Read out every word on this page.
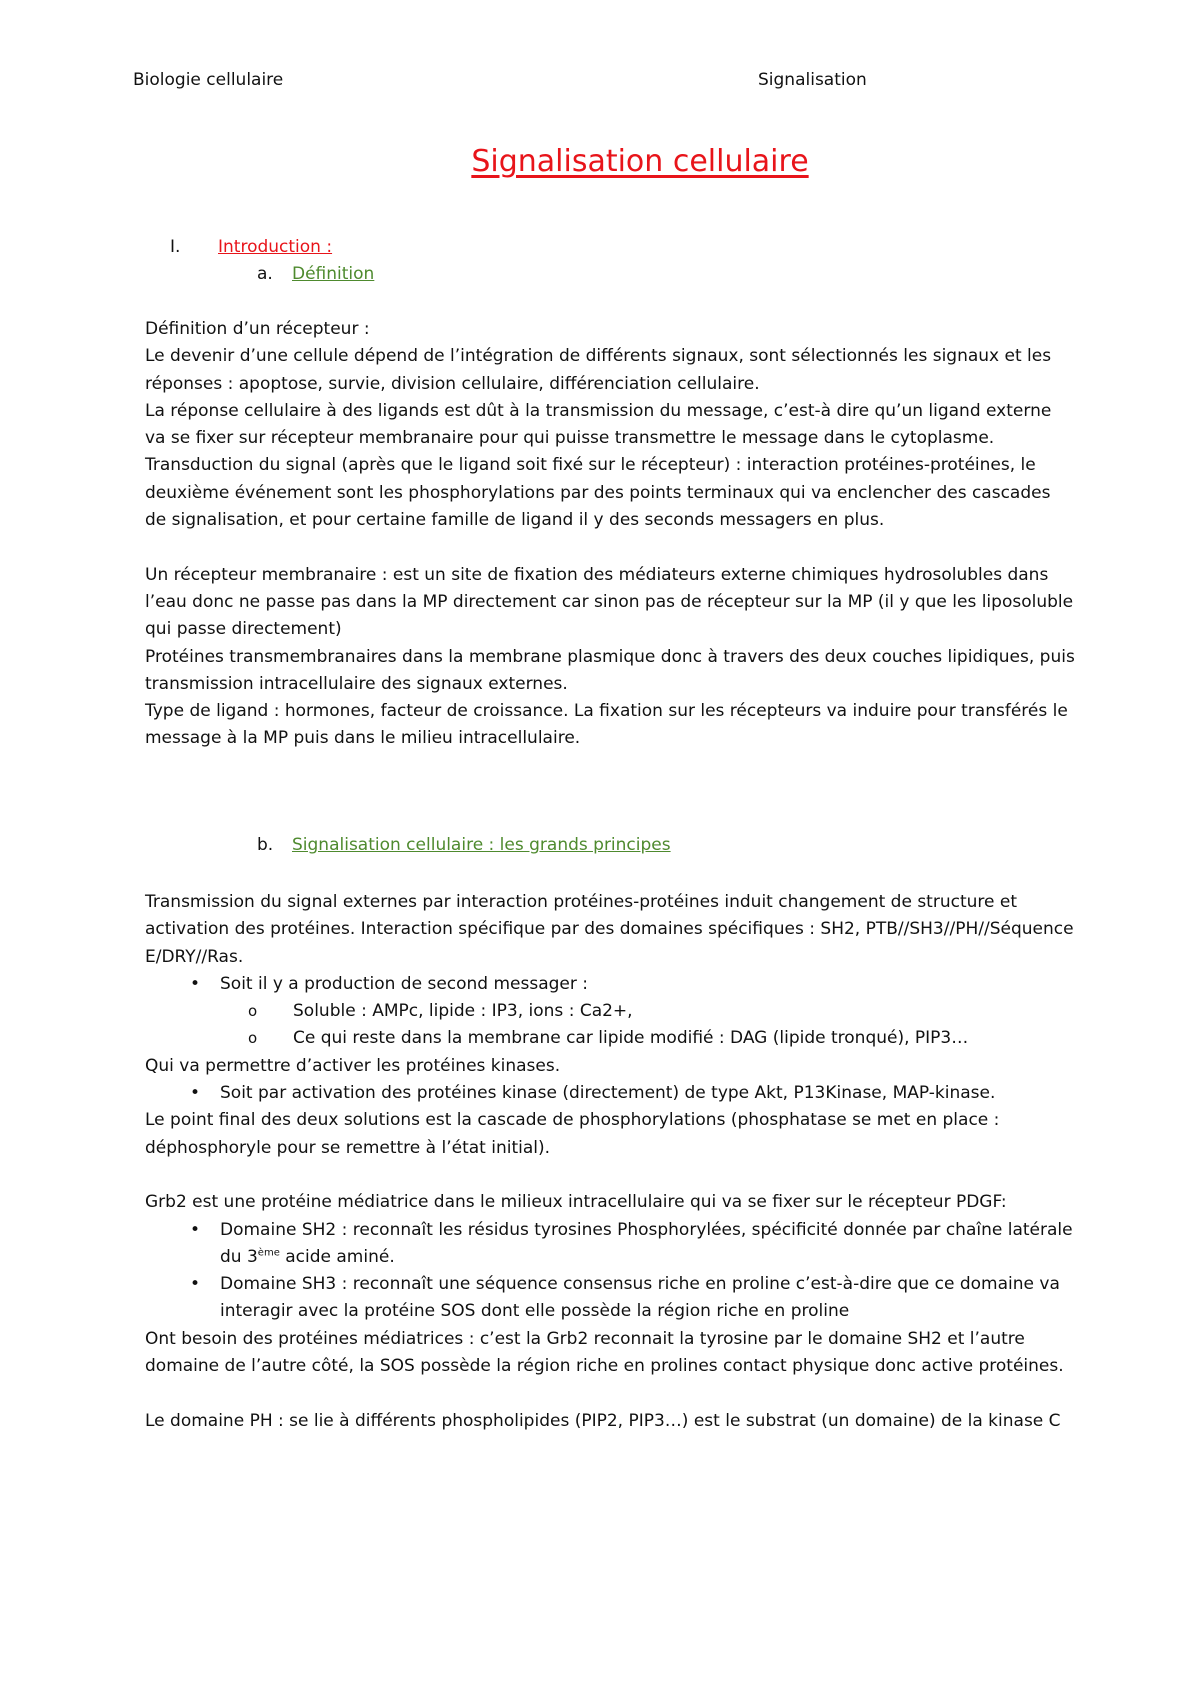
Biologie cellulaire	Signalisation
Signalisation cellulaire
I. Introduction :
a. Définition

Définition d’un récepteur :

Le devenir d’une cellule dépend de l’intégration de différents signaux, sont sélectionnés les signaux et les réponses : apoptose, survie, division cellulaire, différenciation cellulaire.

La réponse cellulaire à des ligands est dût à la transmission du message, c’est-à dire qu’un ligand externe va se fixer sur récepteur membranaire pour qui puisse transmettre le message dans le cytoplasme.

Transduction du signal (après que le ligand soit fixé sur le récepteur) : interaction protéines-protéines, le deuxième événement sont les phosphorylations par des points terminaux qui va enclencher des cascades de signalisation, et pour certaine famille de ligand il y des seconds messagers en plus.

Un récepteur membranaire : est un site de fixation des médiateurs externe chimiques hydrosolubles dans l’eau donc ne passe pas dans la MP directement car sinon pas de récepteur sur la MP (il y que les liposoluble qui passe directement)

Protéines transmembranaires dans la membrane plasmique donc à travers des deux couches lipidiques, puis transmission intracellulaire des signaux externes.

Type de ligand : hormones, facteur de croissance. La fixation sur les récepteurs va induire pour transférés le message à la MP puis dans le milieu intracellulaire.

b. Signalisation cellulaire : les grands principes

Transmission du signal externes par interaction protéines-protéines induit changement de structure et activation des protéines. Interaction spécifique par des domaines spécifiques : SH2, PTB//SH3//PH//Séquence E/DRY//Ras.

• Soit il y a production de second messager :
o Soluble : AMPc, lipide : IP3, ions : Ca2+,
o Ce qui reste dans la membrane car lipide modifié : DAG (lipide tronqué), PIP3…

Qui va permettre d’activer les protéines kinases.

• Soit par activation des protéines kinase (directement) de type Akt, P13Kinase, MAP-kinase.

Le point final des deux solutions est la cascade de phosphorylations (phosphatase se met en place : déphosphoryle pour se remettre à l’état initial).

Grb2 est une protéine médiatrice dans le milieux intracellulaire qui va se fixer sur le récepteur PDGF:

• Domaine SH2 : reconnaît les résidus tyrosines Phosphorylées, spécificité donnée par chaîne latérale du 3ème acide aminé.
• Domaine SH3 : reconnaît une séquence consensus riche en proline c’est-à-dire que ce domaine va interagir avec la protéine SOS dont elle possède la région riche en proline

Ont besoin des protéines médiatrices : c’est la Grb2 reconnait la tyrosine par le domaine SH2 et l’autre domaine de l’autre côté, la SOS possède la région riche en prolines contact physique donc active protéines.

Le domaine PH : se lie à différents phospholipides (PIP2, PIP3…) est le substrat (un domaine) de la kinase C
